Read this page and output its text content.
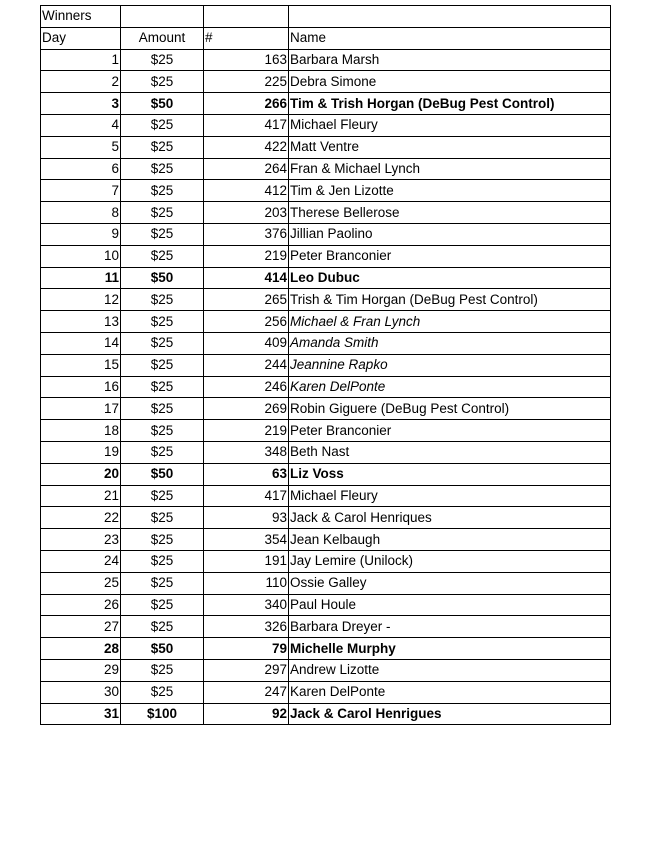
Winners			
Day	Amount	#	Name
1	$25	163	Barbara Marsh
2	$25	225	Debra Simone
3	$50	266	Tim & Trish Horgan (DeBug Pest Control)
4	$25	417	Michael Fleury
5	$25	422	Matt Ventre
6	$25	264	Fran & Michael Lynch
7	$25	412	Tim & Jen Lizotte
8	$25	203	Therese Bellerose
9	$25	376	Jillian Paolino
10	$25	219	Peter Branconier
11	$50	414	Leo Dubuc
12	$25	265	Trish & Tim Horgan (DeBug Pest Control)
13	$25	256	Michael & Fran Lynch
14	$25	409	Amanda Smith
15	$25	244	Jeannine Rapko
16	$25	246	Karen DelPonte
17	$25	269	Robin Giguere (DeBug Pest Control)
18	$25	219	Peter Branconier
19	$25	348	Beth Nast
20	$50	63	Liz Voss
21	$25	417	Michael Fleury
22	$25	93	Jack & Carol Henriques
23	$25	354	Jean Kelbaugh
24	$25	191	Jay Lemire (Unilock)
25	$25	110	Ossie Galley
26	$25	340	Paul Houle
27	$25	326	Barbara Dreyer -
28	$50	79	Michelle Murphy
29	$25	297	Andrew Lizotte
30	$25	247	Karen DelPonte
31	$100	92	Jack & Carol Henrigues
